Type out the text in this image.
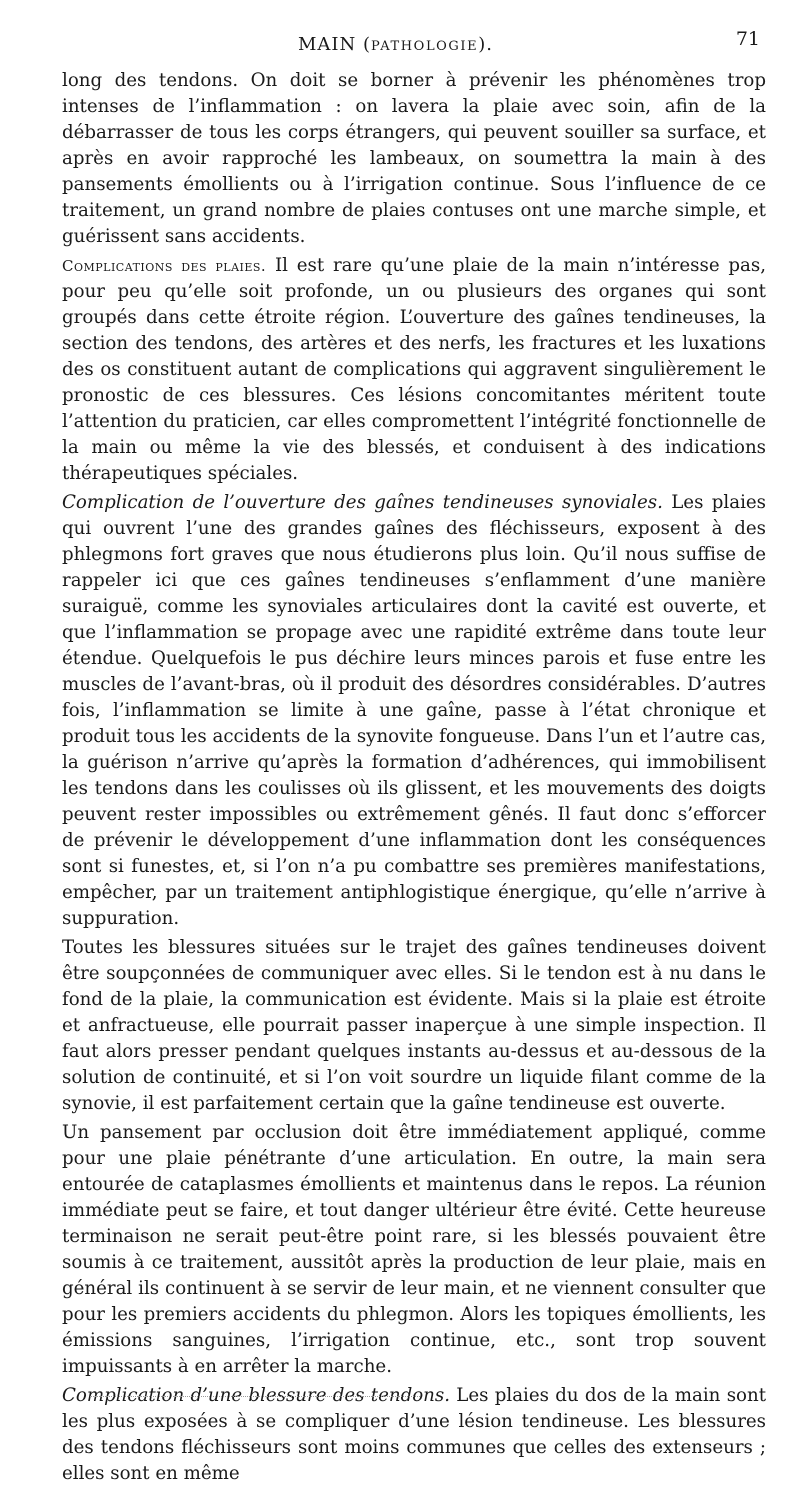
MAIN (PATHOLOGIE).	71

long des tendons. On doit se borner à prévenir les phénomènes trop intenses de l’inflammation : on lavera la plaie avec soin, afin de la débarrasser de tous les corps étrangers, qui peuvent souiller sa surface, et après en avoir rapproché les lambeaux, on soumettra la main à des pansements émollients ou à l’irrigation continue. Sous l’influence de ce traitement, un grand nombre de plaies contuses ont une marche simple, et guérissent sans accidents.

Complications des plaies. Il est rare qu’une plaie de la main n’intéresse pas, pour peu qu’elle soit profonde, un ou plusieurs des organes qui sont groupés dans cette étroite région. L’ouverture des gaînes tendineuses, la section des tendons, des artères et des nerfs, les fractures et les luxations des os constituent autant de complications qui aggravent singulièrement le pronostic de ces blessures. Ces lésions concomitantes méritent toute l’attention du praticien, car elles compromettent l’intégrité fonctionnelle de la main ou même la vie des blessés, et conduisent à des indications thérapeutiques spéciales.

Complication de l’ouverture des gaînes tendineuses synoviales. Les plaies qui ouvrent l’une des grandes gaînes des fléchisseurs, exposent à des phlegmons fort graves que nous étudierons plus loin. Qu’il nous suffise de rappeler ici que ces gaînes tendineuses s’enflamment d’une manière suraiguë, comme les synoviales articulaires dont la cavité est ouverte, et que l’inflammation se propage avec une rapidité extrême dans toute leur étendue. Quelquefois le pus déchire leurs minces parois et fuse entre les muscles de l’avant-bras, où il produit des désordres considérables. D’autres fois, l’inflammation se limite à une gaîne, passe à l’état chronique et produit tous les accidents de la synovite fongueuse. Dans l’un et l’autre cas, la guérison n’arrive qu’après la formation d’adhérences, qui immobilisent les tendons dans les coulisses où ils glissent, et les mouvements des doigts peuvent rester impossibles ou extrêmement gênés. Il faut donc s’efforcer de prévenir le développement d’une inflammation dont les conséquences sont si funestes, et, si l’on n’a pu combattre ses premières manifestations, empêcher, par un traitement antiphlogistique énergique, qu’elle n’arrive à suppuration.

Toutes les blessures situées sur le trajet des gaînes tendineuses doivent être soupçonnées de communiquer avec elles. Si le tendon est à nu dans le fond de la plaie, la communication est évidente. Mais si la plaie est étroite et anfractueuse, elle pourrait passer inaperçue à une simple inspection. Il faut alors presser pendant quelques instants au-dessus et au-dessous de la solution de continuité, et si l’on voit sourdre un liquide filant comme de la synovie, il est parfaitement certain que la gaîne tendineuse est ouverte.

Un pansement par occlusion doit être immédiatement appliqué, comme pour une plaie pénétrante d’une articulation. En outre, la main sera entourée de cataplasmes émollients et maintenus dans le repos. La réunion immédiate peut se faire, et tout danger ultérieur être évité. Cette heureuse terminaison ne serait peut-être point rare, si les blessés pouvaient être soumis à ce traitement, aussitôt après la production de leur plaie, mais en général ils continuent à se servir de leur main, et ne viennent consulter que pour les premiers accidents du phlegmon. Alors les topiques émollients, les émissions sanguines, l’irrigation continue, etc., sont trop souvent impuissants à en arrêter la marche.

Complication d’une blessure des tendons. Les plaies du dos de la main sont les plus exposées à se compliquer d’une lésion tendineuse. Les blessures des tendons fléchisseurs sont moins communes que celles des extenseurs ; elles sont en même
